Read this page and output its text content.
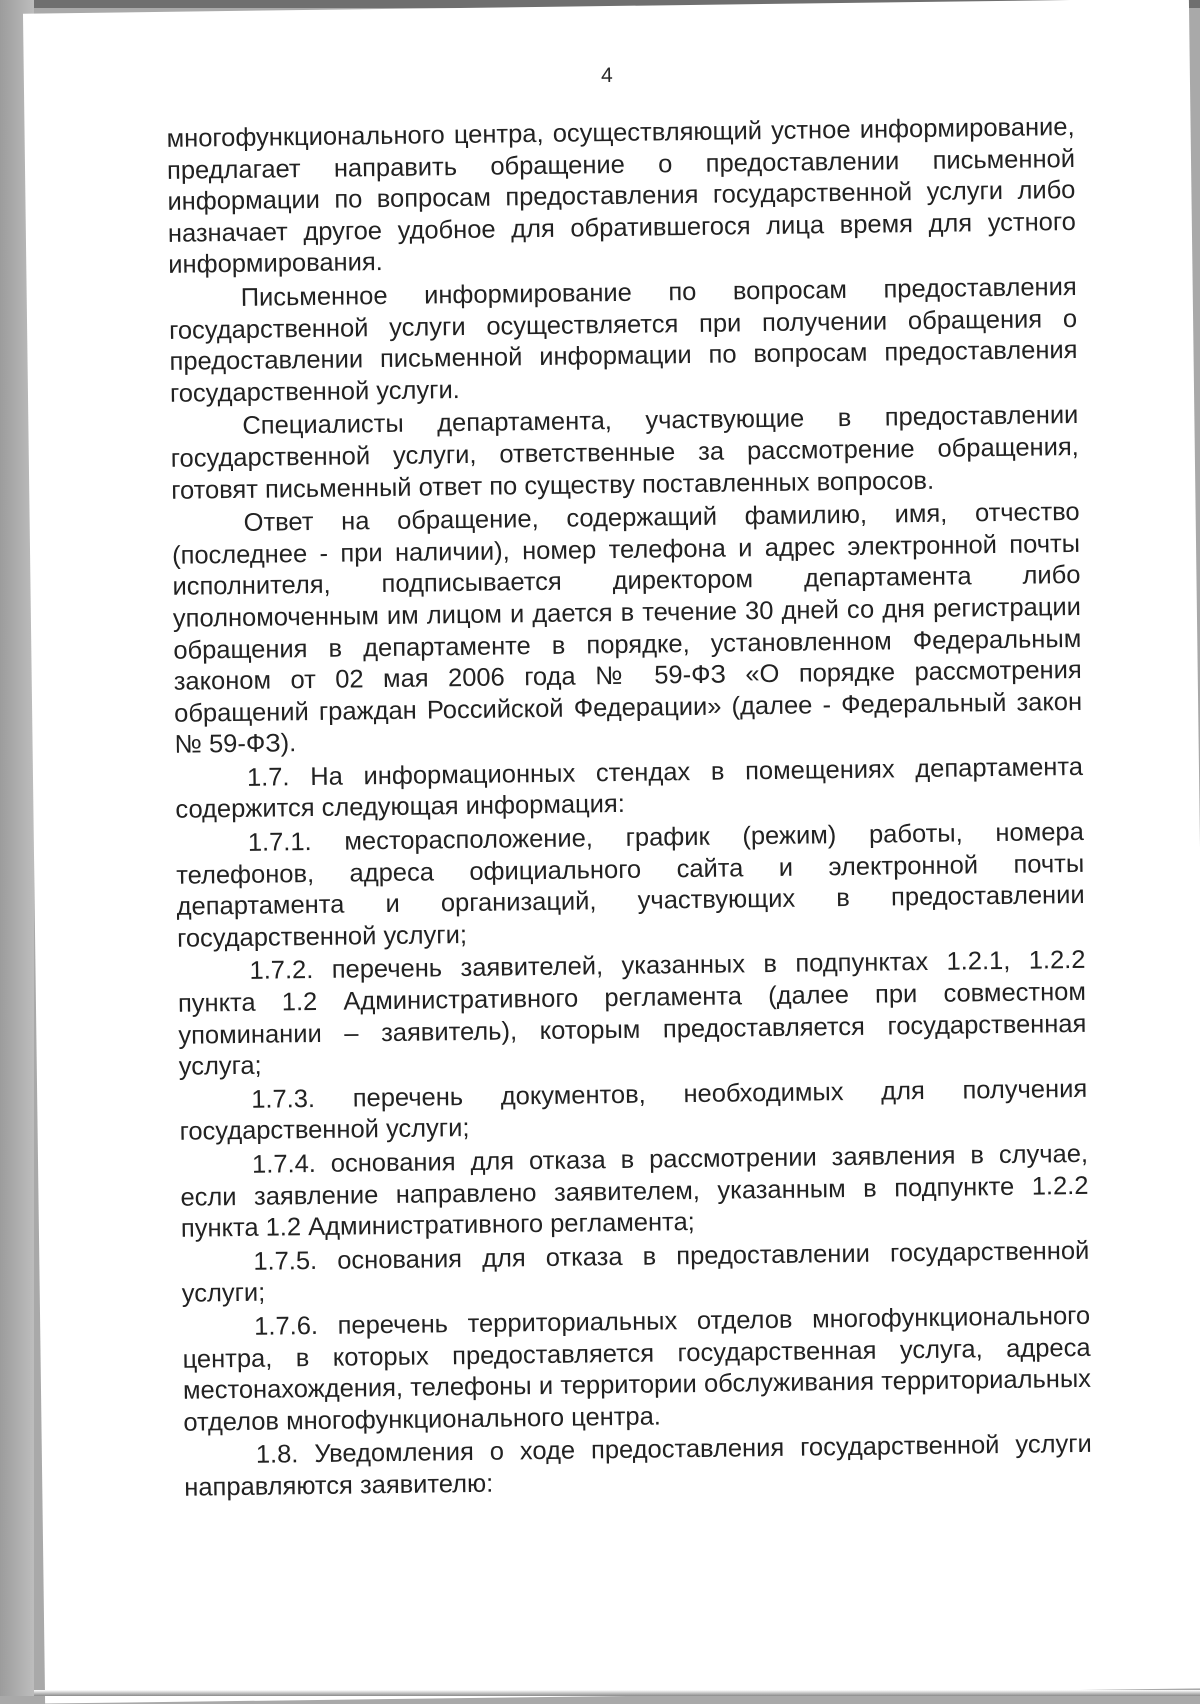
4

многофункционального центра, осуществляющий устное информирование, предлагает направить обращение о предоставлении письменной информации по вопросам предоставления государственной услуги либо назначает другое удобное для обратившегося лица время для устного информирования.

Письменное информирование по вопросам предоставления государственной услуги осуществляется при получении обращения о предоставлении письменной информации по вопросам предоставления государственной услуги.

Специалисты департамента, участвующие в предоставлении государственной услуги, ответственные за рассмотрение обращения, готовят письменный ответ по существу поставленных вопросов.

Ответ на обращение, содержащий фамилию, имя, отчество (последнее - при наличии), номер телефона и адрес электронной почты исполнителя, подписывается директором департамента либо уполномоченным им лицом и дается в течение 30 дней со дня регистрации обращения в департаменте в порядке, установленном Федеральным законом от 02 мая 2006 года № 59-ФЗ «О порядке рассмотрения обращений граждан Российской Федерации» (далее - Федеральный закон № 59-ФЗ).

1.7. На информационных стендах в помещениях департамента содержится следующая информация:

1.7.1. месторасположение, график (режим) работы, номера телефонов, адреса официального сайта и электронной почты департамента и организаций, участвующих в предоставлении государственной услуги;

1.7.2. перечень заявителей, указанных в подпунктах 1.2.1, 1.2.2 пункта 1.2 Административного регламента (далее при совместном упоминании – заявитель), которым предоставляется государственная услуга;

1.7.3. перечень документов, необходимых для получения государственной услуги;

1.7.4. основания для отказа в рассмотрении заявления в случае, если заявление направлено заявителем, указанным в подпункте 1.2.2 пункта 1.2 Административного регламента;

1.7.5. основания для отказа в предоставлении государственной услуги;

1.7.6. перечень территориальных отделов многофункционального центра, в которых предоставляется государственная услуга, адреса местонахождения, телефоны и территории обслуживания территориальных отделов многофункционального центра.

1.8. Уведомления о ходе предоставления государственной услуги направляются заявителю:
